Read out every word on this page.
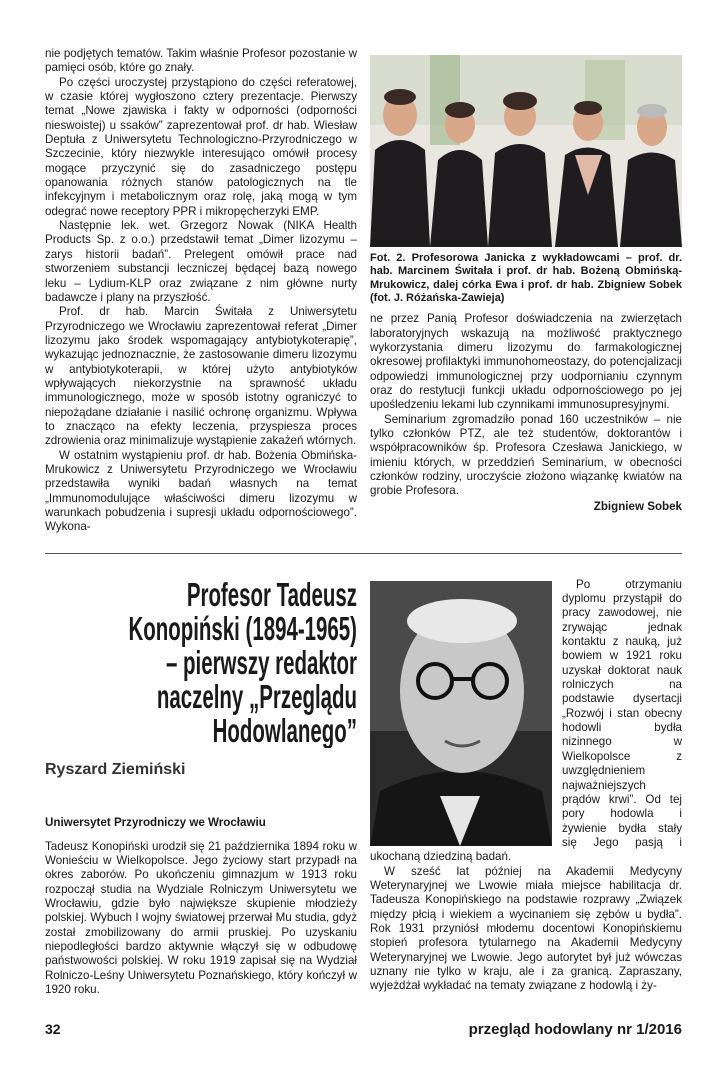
nie podjętych tematów. Takim właśnie Profesor pozostanie w pamięci osób, które go znały.

Po części uroczystej przystąpiono do części referatowej, w czasie której wygłoszono cztery prezentacje. Pierwszy temat „Nowe zjawiska i fakty w odporności (odporności nieswoistej) u ssaków” zaprezentował prof. dr hab. Wiesław Deptuła z Uniwersytetu Technologiczno-Przyrodniczego w Szczecinie, który niezwykle interesująco omówił procesy mogące przyczynić się do zasadniczego postępu opanowania różnych stanów patologicznych na tle infekcyjnym i metabolicznym oraz rolę, jaką mogą w tym odegrać nowe receptory PPR i mikropęcherzyki EMP.

Następnie lek. wet. Grzegorz Nowak (NIKA Health Products Sp. z o.o.) przedstawił temat „Dimer lizozymu – zarys historii badań”. Prelegent omówił prace nad stworzeniem substancji leczniczej będącej bazą nowego leku – Lydium-KLP oraz związane z nim główne nurty badawcze i plany na przyszłość.

Prof. dr hab. Marcin Świtała z Uniwersytetu Przyrodniczego we Wrocławiu zaprezentował referat „Dimer lizozymu jako środek wspomagający antybiotykoterapię”, wykazując jednoznacznie, że zastosowanie dimeru lizozymu w antybiotykoterapii, w której użyto antybiotyków wpływających niekorzystnie na sprawność układu immunologicznego, może w sposób istotny ograniczyć to niepożądane działanie i nasilić ochronę organizmu. Wpływa to znacząco na efekty leczenia, przyspiesza proces zdrowienia oraz minimalizuje wystąpienie zakażeń wtórnych.

W ostatnim wystąpieniu prof. dr hab. Bożenia Obmińska-Mrukowicz z Uniwersytetu Przyrodniczego we Wrocławiu przedstawiła wyniki badań własnych na temat „Immunomodulujące właściwości dimeru lizozymu w warunkach pobudzenia i supresji układu odpornościowego”. Wykona-

Fot. 2. Profesorowa Janicka z wykładowcami – prof. dr. hab. Marcinem Świtała i prof. dr hab. Bożeną Obmińską-Mrukowicz, dalej córka Ewa i prof. dr hab. Zbigniew Sobek (fot. J. Różańska-Zawieja)

ne przez Panią Profesor doświadczenia na zwierzętach laboratoryjnych wskazują na możliwość praktycznego wykorzystania dimeru lizozymu do farmakologicznej okresowej profilaktyki immunohomeostazy, do potencjalizacji odpowiedzi immunologicznej przy uodpornianiu czynnym oraz do restytucji funkcji układu odpornościowego po jej upośledzeniu lekami lub czynnikami immunosupresyjnymi.

Seminarium zgromadziło ponad 160 uczestników – nie tylko członków PTZ, ale też studentów, doktorantów i współpracowników śp. Profesora Czesława Janickiego, w imieniu których, w przeddzień Seminarium, w obecności członków rodziny, uroczyście złożono wiązankę kwiatów na grobie Profesora.

Zbigniew Sobek

Profesor Tadeusz
Konopiński (1894-1965)
– pierwszy redaktor
naczelny „Przeglądu
Hodowlanego”
Ryszard Ziemiński
Uniwersytet Przyrodniczy we Wrocławiu

Tadeusz Konopiński urodził się 21 października 1894 roku w Wonieściu w Wielkopolsce. Jego życiowy start przypadł na okres zaborów. Po ukończeniu gimnazjum w 1913 roku rozpoczął studia na Wydziale Rolniczym Uniwersytetu we Wrocławiu, gdzie było największe skupienie młodzieży polskiej. Wybuch I wojny światowej przerwał Mu studia, gdyż został zmobilizowany do armii pruskiej. Po uzyskaniu niepodległości bardzo aktywnie włączył się w odbudowę państwowości polskiej. W roku 1919 zapisał się na Wydział Rolniczo-Leśny Uniwersytetu Poznańskiego, który kończył w 1920 roku.

Po otrzymaniu dyplomu przystąpił do pracy zawodowej, nie zrywając jednak kontaktu z nauką, już bowiem w 1921 roku uzyskał doktorat nauk rolniczych na podstawie dysertacji „Rozwój i stan obecny hodowli bydła nizinnego w Wielkopolsce z uwzględnieniem najważniejszych prądów krwi”. Od tej pory hodowla i żywienie bydła stały się Jego pasją i ukochaną dziedziną badań.

W sześć lat później na Akademii Medycyny Weterynaryjnej we Lwowie miała miejsce habilitacja dr. Tadeusza Konopińskiego na podstawie rozprawy „Związek między płcią i wiekiem a wycinaniem się zębów u bydła”. Rok 1931 przyniósł młodemu docentowi Konopińskiemu stopień profesora tytularnego na Akademii Medycyny Weterynaryjnej we Lwowie. Jego autorytet był już wówczas uznany nie tylko w kraju, ale i za granicą. Zapraszany, wyjeżdżał wykładać na tematy związane z hodowlą i ży-

32	przegląd hodowlany nr 1/2016
